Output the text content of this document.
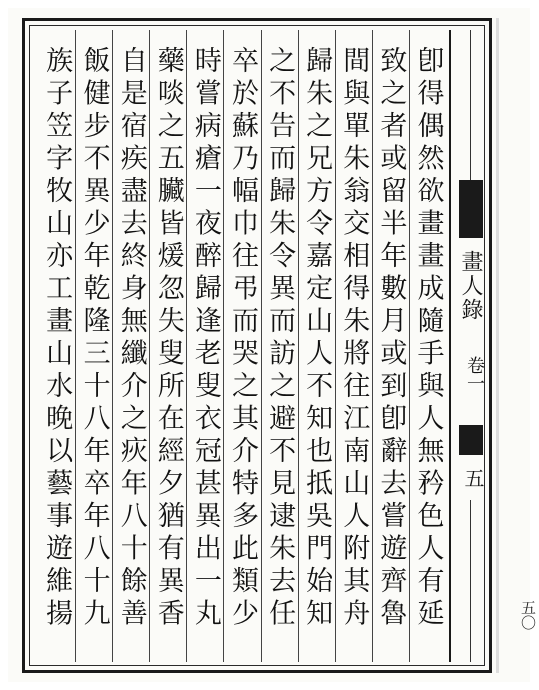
卽得偶然欲畫畫成隨手與人無矜色人有延
致之者或留半年數月或到卽辭去嘗遊齊魯
間與單朱翁交相得朱將往江南山人附其舟
歸朱之兄方令嘉定山人不知也抵吳門始知
之不告而歸朱令異而訪之避不見逮朱去任
卒於蘇乃幅巾往弔而哭之其介特多此類少
時嘗病瘡一夜醉歸逢老叟衣冠甚異出一丸
藥啖之五臟皆煖忽失叟所在經夕猶有異香
自是宿疾盡去終身無纖介之疢年八十餘善
飯健步不異少年乾隆三十八年卒年八十九
族子笠字牧山亦工畫山水晚以藝事遊維揚	畫人錄
卷一
五
五〇
